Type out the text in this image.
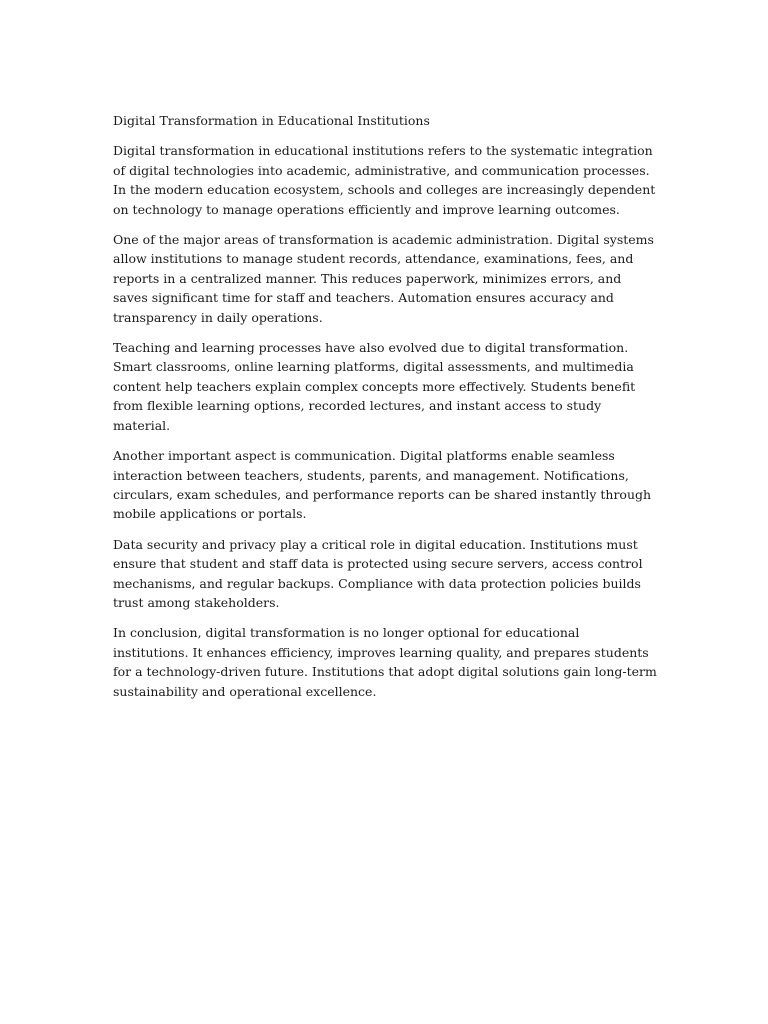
Digital Transformation in Educational Institutions

Digital transformation in educational institutions refers to the systematic integration of digital technologies into academic, administrative, and communication processes. In the modern education ecosystem, schools and colleges are increasingly dependent on technology to manage operations efficiently and improve learning outcomes.

One of the major areas of transformation is academic administration. Digital systems allow institutions to manage student records, attendance, examinations, fees, and reports in a centralized manner. This reduces paperwork, minimizes errors, and saves significant time for staff and teachers. Automation ensures accuracy and transparency in daily operations.

Teaching and learning processes have also evolved due to digital transformation. Smart classrooms, online learning platforms, digital assessments, and multimedia content help teachers explain complex concepts more effectively. Students benefit from flexible learning options, recorded lectures, and instant access to study material.

Another important aspect is communication. Digital platforms enable seamless interaction between teachers, students, parents, and management. Notifications, circulars, exam schedules, and performance reports can be shared instantly through mobile applications or portals.

Data security and privacy play a critical role in digital education. Institutions must ensure that student and staff data is protected using secure servers, access control mechanisms, and regular backups. Compliance with data protection policies builds trust among stakeholders.

In conclusion, digital transformation is no longer optional for educational institutions. It enhances efficiency, improves learning quality, and prepares students for a technology-driven future. Institutions that adopt digital solutions gain long-term sustainability and operational excellence.
